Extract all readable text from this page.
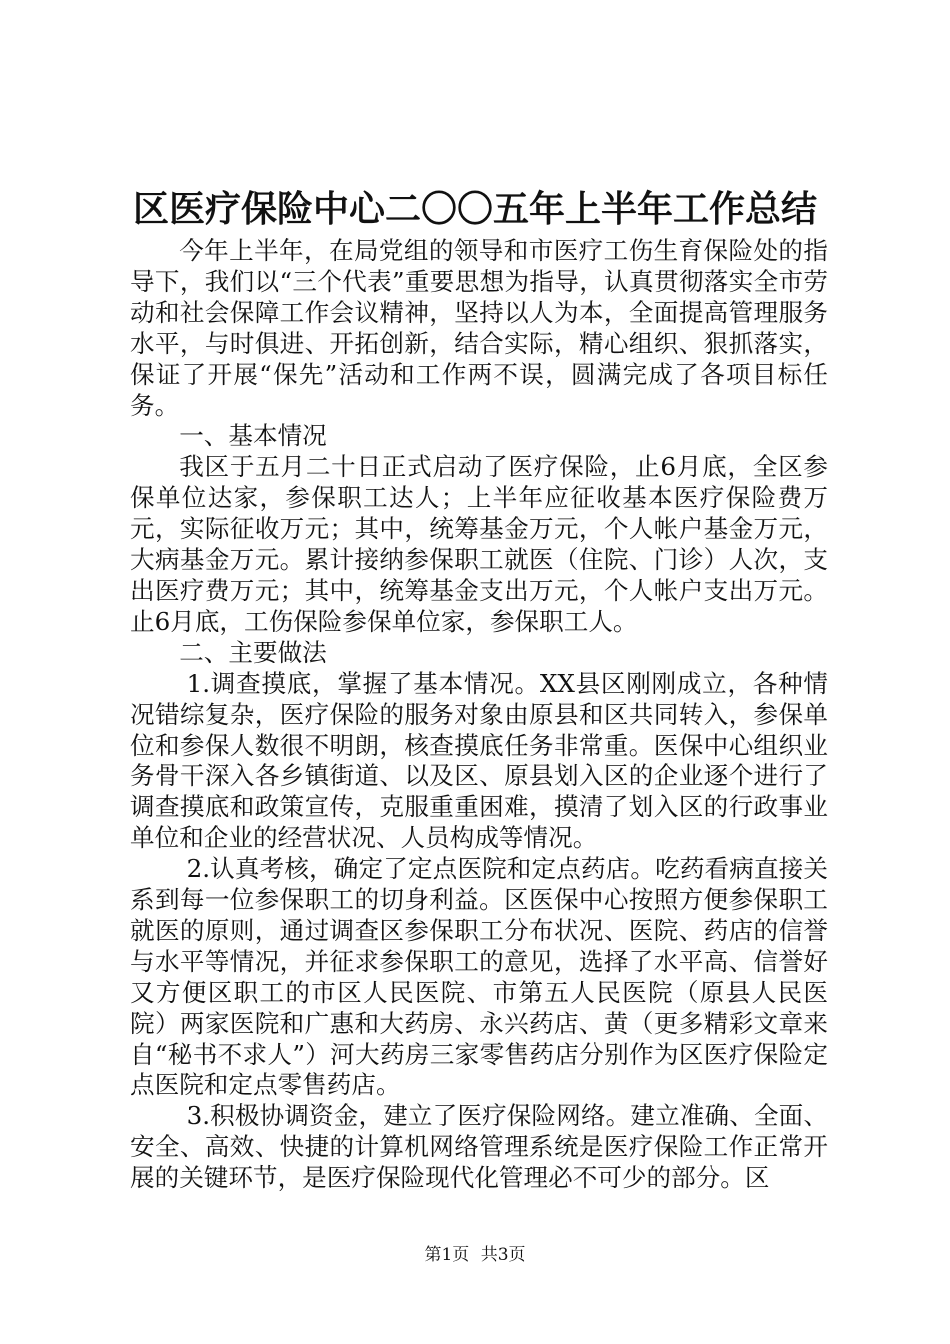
区医疗保险中心二〇〇五年上半年工作总结

今年上半年，在局党组的领导和市医疗工伤生育保险处的指导下，我们以“三个代表”重要思想为指导，认真贯彻落实全市劳动和社会保障工作会议精神，坚持以人为本，全面提高管理服务水平，与时俱进、开拓创新，结合实际，精心组织、狠抓落实，保证了开展“保先”活动和工作两不误，圆满完成了各项目标任务。

一、基本情况

我区于五月二十日正式启动了医疗保险，止6月底，全区参保单位达家，参保职工达人；上半年应征收基本医疗保险费万元，实际征收万元；其中，统筹基金万元，个人帐户基金万元，大病基金万元。累计接纳参保职工就医（住院、门诊）人次，支出医疗费万元；其中，统筹基金支出万元，个人帐户支出万元。止6月底，工伤保险参保单位家，参保职工人。

二、主要做法

1.调查摸底，掌握了基本情况。XX县区刚刚成立，各种情况错综复杂，医疗保险的服务对象由原县和区共同转入，参保单位和参保人数很不明朗，核查摸底任务非常重。医保中心组织业务骨干深入各乡镇街道、以及区、原县划入区的企业逐个进行了调查摸底和政策宣传，克服重重困难，摸清了划入区的行政事业单位和企业的经营状况、人员构成等情况。

2.认真考核，确定了定点医院和定点药店。吃药看病直接关系到每一位参保职工的切身利益。区医保中心按照方便参保职工就医的原则，通过调查区参保职工分布状况、医院、药店的信誉与水平等情况，并征求参保职工的意见，选择了水平高、信誉好又方便区职工的市区人民医院、市第五人民医院（原县人民医院）两家医院和广惠和大药房、永兴药店、黄（更多精彩文章来自“秘书不求人”）河大药房三家零售药店分别作为区医疗保险定点医院和定点零售药店。

3.积极协调资金，建立了医疗保险网络。建立准确、全面、安全、高效、快捷的计算机网络管理系统是医疗保险工作正常开展的关键环节，是医疗保险现代化管理必不可少的部分。区

第1页 共3页
